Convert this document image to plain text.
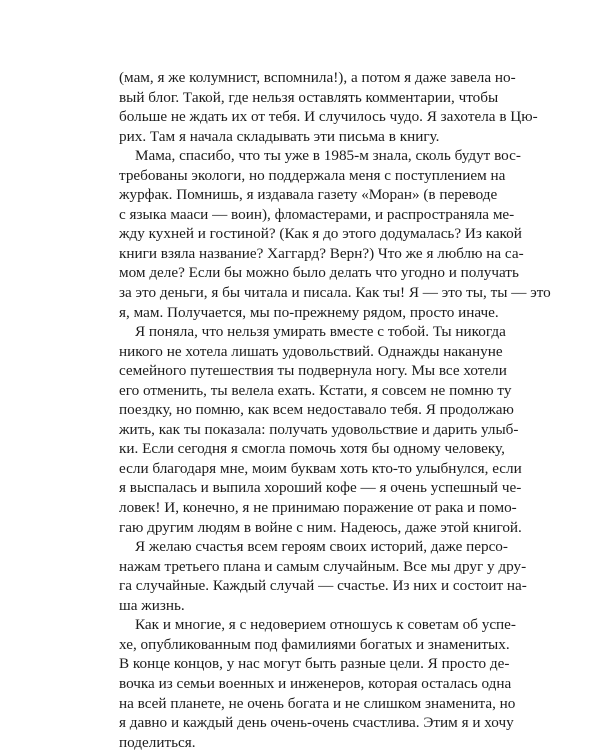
(мам, я же колумнист, вспомнила!), а потом я даже завела но-
вый блог. Такой, где нельзя оставлять комментарии, чтобы
больше не ждать их от тебя. И случилось чудо. Я захотела в Цю-
рих. Там я начала складывать эти письма в книгу.
Мама, спасибо, что ты уже в 1985-м знала, сколь будут вос-
требованы экологи, но поддержала меня с поступлением на
журфак. Помнишь, я издавала газету «Моран» (в переводе
с языка мааси — воин), фломастерами, и распространяла ме-
жду кухней и гостиной? (Как я до этого додумалась? Из какой
книги взяла название? Хаггард? Верн?) Что же я люблю на са-
мом деле? Если бы можно было делать что угодно и получать
за это деньги, я бы читала и писала. Как ты! Я — это ты, ты — это
я, мам. Получается, мы по-прежнему рядом, просто иначе.
Я поняла, что нельзя умирать вместе с тобой. Ты никогда
никого не хотела лишать удовольствий. Однажды накануне
семейного путешествия ты подвернула ногу. Мы все хотели
его отменить, ты велела ехать. Кстати, я совсем не помню ту
поездку, но помню, как всем недоставало тебя. Я продолжаю
жить, как ты показала: получать удовольствие и дарить улыб-
ки. Если сегодня я смогла помочь хотя бы одному человеку,
если благодаря мне, моим буквам хоть кто-то улыбнулся, если
я выспалась и выпила хороший кофе — я очень успешный че-
ловек! И, конечно, я не принимаю поражение от рака и помо-
гаю другим людям в войне с ним. Надеюсь, даже этой книгой.
Я желаю счастья всем героям своих историй, даже персо-
нажам третьего плана и самым случайным. Все мы друг у дру-
га случайные. Каждый случай — счастье. Из них и состоит на-
ша жизнь.
Как и многие, я с недоверием отношусь к советам об успе-
хе, опубликованным под фамилиями богатых и знаменитых.
В конце концов, у нас могут быть разные цели. Я просто де-
вочка из семьи военных и инженеров, которая осталась одна
на всей планете, не очень богата и не слишком знаменита, но
я давно и каждый день очень-очень счастлива. Этим я и хочу
поделиться.
